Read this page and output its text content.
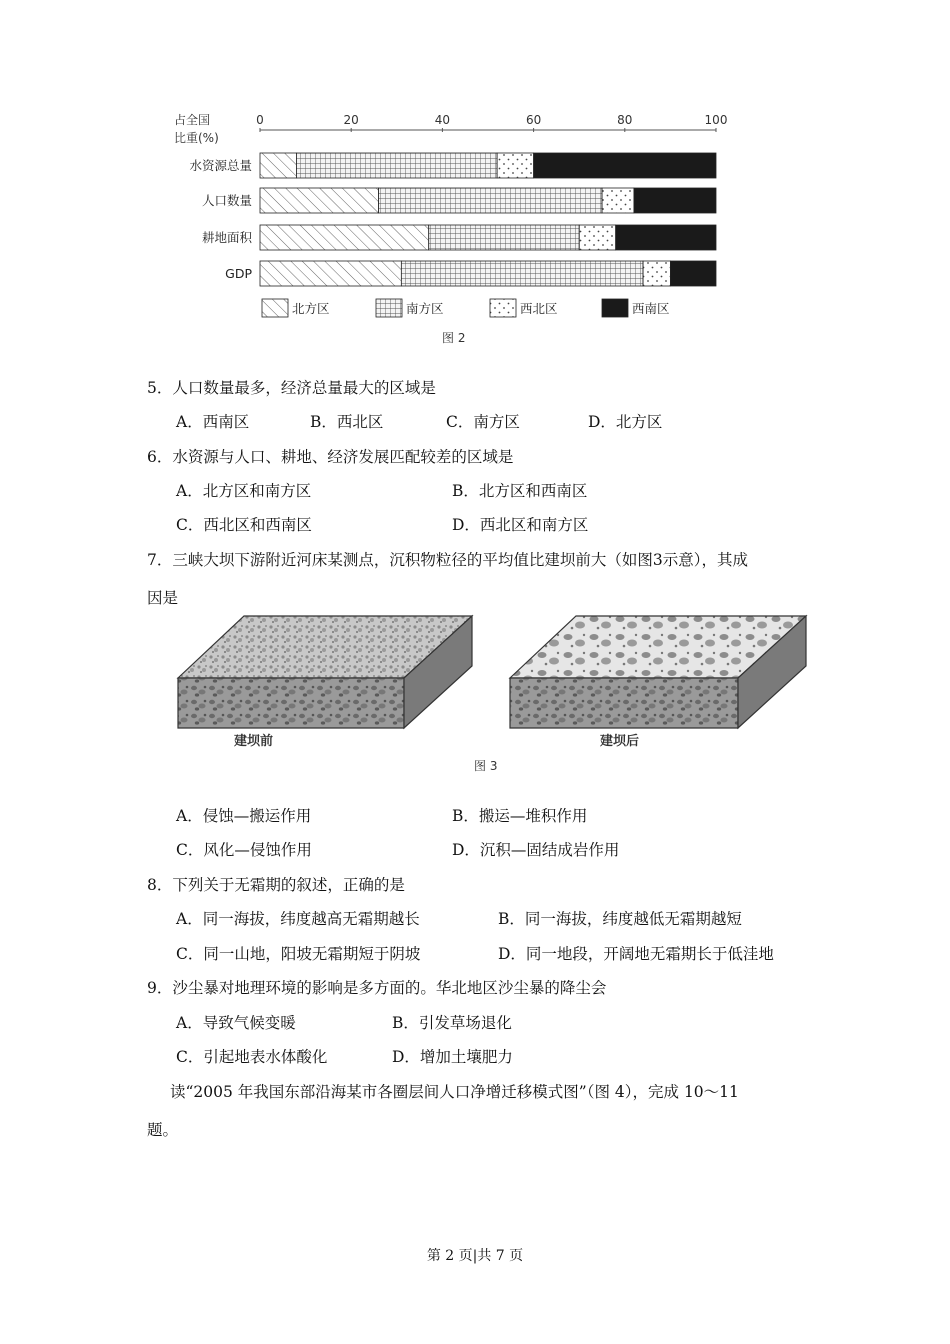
占全国
比重(%)
0	20	40	60	80	100
水资源总量
人口数量
耕地面积
GDP
北方区	南方区	西北区	西南区
图 2
5．人口数量最多，经济总量最大的区域是
A．西南区	B．西北区	C．南方区	D．北方区
6．水资源与人口、耕地、经济发展匹配较差的区域是
A．北方区和南方区	B．北方区和西南区
C．西北区和西南区	D．西北区和南方区
7．三峡大坝下游附近河床某测点，沉积物粒径的平均值比建坝前大（如图3示意），其成
因是
建坝前	建坝后
图 3
A．侵蚀—搬运作用	B．搬运—堆积作用
C．风化—侵蚀作用	D．沉积—固结成岩作用
8．下列关于无霜期的叙述，正确的是
A．同一海拔，纬度越高无霜期越长	B．同一海拔，纬度越低无霜期越短
C．同一山地，阳坡无霜期短于阴坡	D．同一地段，开阔地无霜期长于低洼地
9．沙尘暴对地理环境的影响是多方面的。华北地区沙尘暴的降尘会
A．导致气候变暖	B．引发草场退化
C．引起地表水体酸化	D．增加土壤肥力
读“2005 年我国东部沿海某市各圈层间人口净增迁移模式图”（图 4），完成 10～11
题。
第 2 页|共 7 页
